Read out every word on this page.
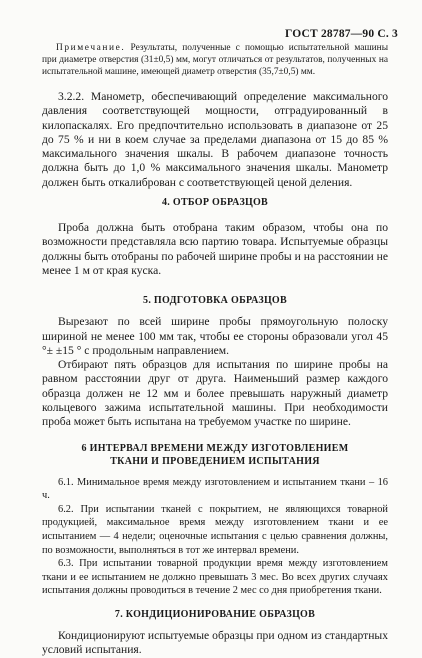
ГОСТ 28787—90 С. 3

Примечание. Результаты, полученные с помощью испытательной машины при диаметре отверстия (31±0,5) мм, могут отличаться от результатов, полученных на испытательной машине, имеющей диаметр отверстия (35,7±0,5) мм.

3.2.2. Манометр, обеспечивающий определение максимального давления соответствующей мощности, отградуированный в килопаскалях. Его предпочтительно использовать в диапазоне от 25 до 75 % и ни в коем случае за пределами диапазона от 15 до 85 % максимального значения шкалы. В рабочем диапазоне точность должна быть до 1,0 % максимального значения шкалы. Манометр должен быть откалиброван с соответствующей ценой деления.

4. ОТБОР ОБРАЗЦОВ

Проба должна быть отобрана таким образом, чтобы она по возможности представляла всю партию товара. Испытуемые образцы должны быть отобраны по рабочей ширине пробы и на расстоянии не менее 1 м от края куска.

5. ПОДГОТОВКА ОБРАЗЦОВ

Вырезают по всей ширине пробы прямоугольную полоску шириной не менее 100 мм так, чтобы ее стороны образовали угол 45 °± ±15 ° с продольным направлением.

Отбирают пять образцов для испытания по ширине пробы на равном расстоянии друг от друга. Наименьший размер каждого образца должен не 12 мм и более превышать наружный диаметр кольцевого зажима испытательной машины. При необходимости проба может быть испытана на требуемом участке по ширине.

6 ИНТЕРВАЛ ВРЕМЕНИ МЕЖДУ ИЗГОТОВЛЕНИЕМ
ТКАНИ И ПРОВЕДЕНИЕМ ИСПЫТАНИЯ

6.1. Минимальное время между изготовлением и испытанием ткани – 16 ч.

6.2. При испытании тканей с покрытием, не являющихся товарной продукцией, максимальное время между изготовлением ткани и ее испытанием — 4 недели; оценочные испытания с целью сравнения должны, по возможности, выполняться в тот же интервал времени.

6.3. При испытании товарной продукции время между изготовлением ткани и ее испытанием не должно превышать 3 мес. Во всех других случаях испытания должны проводиться в течение 2 мес со дня приобретения ткани.

7. КОНДИЦИОНИРОВАНИЕ ОБРАЗЦОВ

Кондиционируют испытуемые образцы при одном из стандартных условий испытания.
